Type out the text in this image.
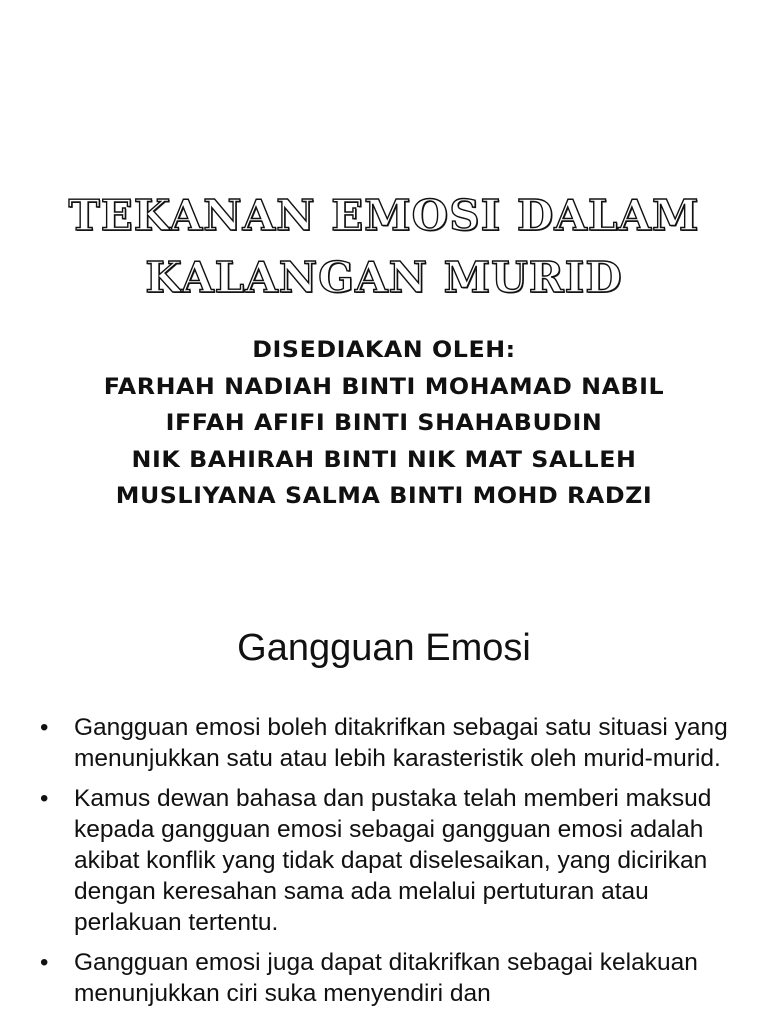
TEKANAN EMOSI DALAM
KALANGAN MURID
DISEDIAKAN OLEH:
FARHAH NADIAH BINTI MOHAMAD NABIL
IFFAH AFIFI BINTI SHAHABUDIN
NIK BAHIRAH BINTI NIK MAT SALLEH
MUSLIYANA SALMA BINTI MOHD RADZI
Gangguan Emosi
•	Gangguan emosi boleh ditakrifkan sebagai satu situasi yang menunjukkan satu atau lebih karasteristik oleh murid-murid.
•	Kamus dewan bahasa dan pustaka telah memberi maksud kepada gangguan emosi sebagai gangguan emosi adalah akibat konflik yang tidak dapat diselesaikan, yang dicirikan dengan keresahan sama ada melalui pertuturan atau perlakuan tertentu.
•	Gangguan emosi juga dapat ditakrifkan sebagai kelakuan menunjukkan ciri suka menyendiri dan
